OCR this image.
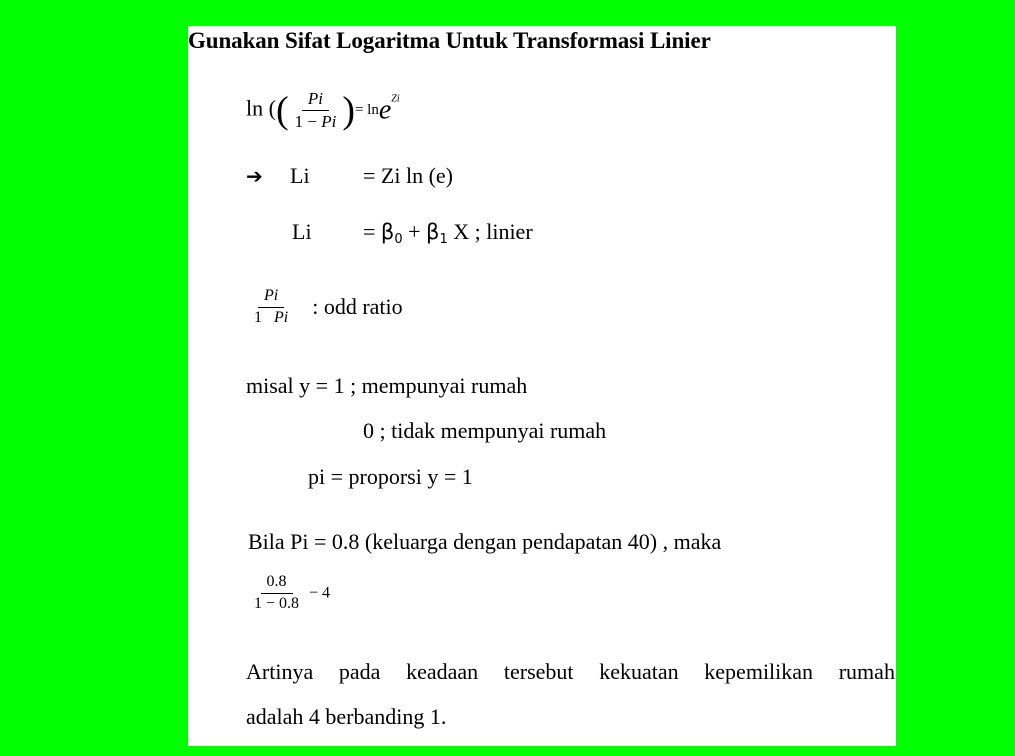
Gunakan Sifat Logaritma Untuk Transformasi Linier
ln (( $\frac{Pi}{1 - Pi}$ )= lne$^{Zi}$
➔ Li = Zi ln (e)
$Li = \beta_0 + \beta_1$ X ; linier
$\frac{Pi}{1 Pi}$ : odd ratio
misal y = 1 ; mempunyai rumah
0 ; tidak mempunyai rumah
pi = proporsi y = 1
Bila Pi = 0.8 (keluarga dengan pendapatan 40) , maka
$\frac{0.8}{1 - 0.8} - 4$
Artinya pada keadaan tersebut kekuatan kepemilikan rumah
adalah 4 berbanding 1.
